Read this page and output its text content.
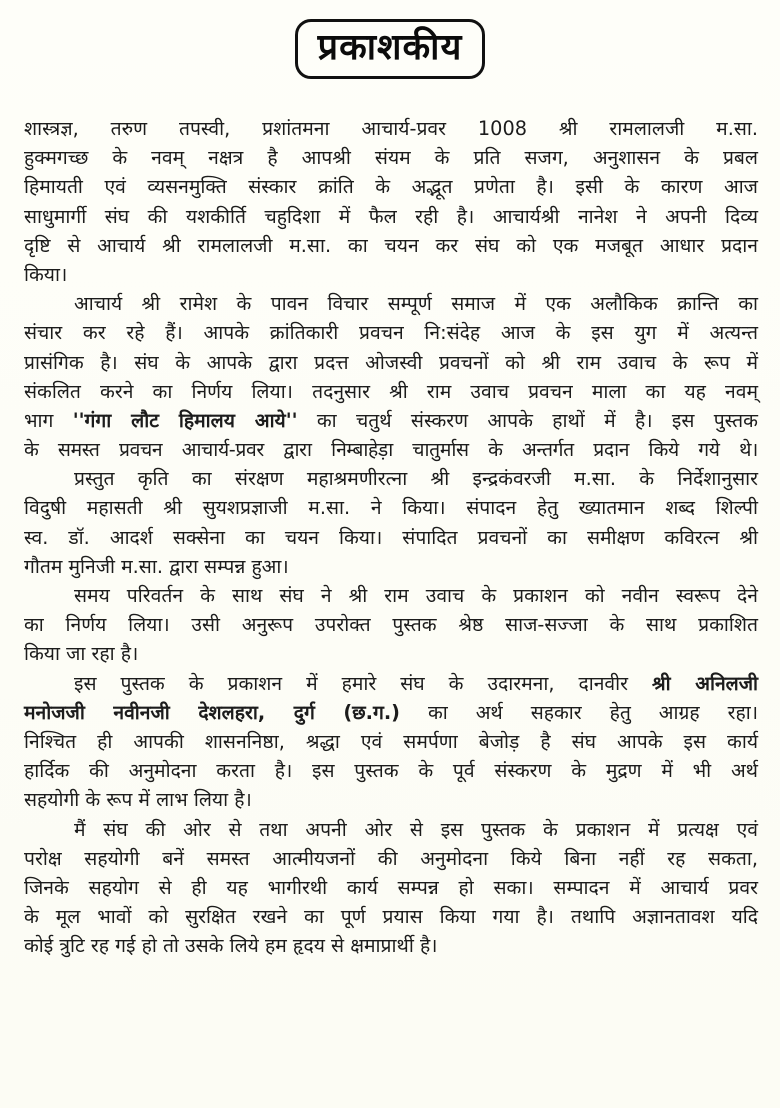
प्रकाशकीय
शास्त्रज्ञ, तरुण तपस्वी, प्रशांतमना आचार्य-प्रवर 1008 श्री रामलालजी म.सा.
हुक्मगच्छ के नवम् नक्षत्र है आपश्री संयम के प्रति सजग, अनुशासन के प्रबल
हिमायती एवं व्यसनमुक्ति संस्कार क्रांति के अद्भूत प्रणेता है। इसी के कारण आज
साधुमार्गी संघ की यशकीर्ति चहुदिशा में फैल रही है। आचार्यश्री नानेश ने अपनी दिव्य
दृष्टि से आचार्य श्री रामलालजी म.सा. का चयन कर संघ को एक मजबूत आधार प्रदान
किया।
आचार्य श्री रामेश के पावन विचार सम्पूर्ण समाज में एक अलौकिक क्रान्ति का
संचार कर रहे हैं। आपके क्रांतिकारी प्रवचन नि:संदेह आज के इस युग में अत्यन्त
प्रासंगिक है। संघ के आपके द्वारा प्रदत्त ओजस्वी प्रवचनों को श्री राम उवाच के रूप में
संकलित करने का निर्णय लिया। तदनुसार श्री राम उवाच प्रवचन माला का यह नवम्
भाग ''गंगा लौट हिमालय आये'' का चतुर्थ संस्करण आपके हाथों में है। इस पुस्तक
के समस्त प्रवचन आचार्य-प्रवर द्वारा निम्बाहेड़ा चातुर्मास के अन्तर्गत प्रदान किये गये थे।
प्रस्तुत कृति का संरक्षण महाश्रमणीरत्ना श्री इन्द्रकंवरजी म.सा. के निर्देशानुसार
विदुषी महासती श्री सुयशप्रज्ञाजी म.सा. ने किया। संपादन हेतु ख्यातमान शब्द शिल्पी
स्व. डॉ. आदर्श सक्सेना का चयन किया। संपादित प्रवचनों का समीक्षण कविरत्न श्री
गौतम मुनिजी म.सा. द्वारा सम्पन्न हुआ।
समय परिवर्तन के साथ संघ ने श्री राम उवाच के प्रकाशन को नवीन स्वरूप देने
का निर्णय लिया। उसी अनुरूप उपरोक्त पुस्तक श्रेष्ठ साज-सज्जा के साथ प्रकाशित
किया जा रहा है।
इस पुस्तक के प्रकाशन में हमारे संघ के उदारमना, दानवीर श्री अनिलजी
मनोजजी नवीनजी देशलहरा, दुर्ग (छ.ग.) का अर्थ सहकार हेतु आग्रह रहा।
निश्चित ही आपकी शासननिष्ठा, श्रद्धा एवं समर्पणा बेजोड़ है संघ आपके इस कार्य
हार्दिक की अनुमोदना करता है। इस पुस्तक के पूर्व संस्करण के मुद्रण में भी अर्थ
सहयोगी के रूप में लाभ लिया है।
मैं संघ की ओर से तथा अपनी ओर से इस पुस्तक के प्रकाशन में प्रत्यक्ष एवं
परोक्ष सहयोगी बनें समस्त आत्मीयजनों की अनुमोदना किये बिना नहीं रह सकता,
जिनके सहयोग से ही यह भागीरथी कार्य सम्पन्न हो सका। सम्पादन में आचार्य प्रवर
के मूल भावों को सुरक्षित रखने का पूर्ण प्रयास किया गया है। तथापि अज्ञानतावश यदि
कोई त्रुटि रह गई हो तो उसके लिये हम हृदय से क्षमाप्रार्थी है।
